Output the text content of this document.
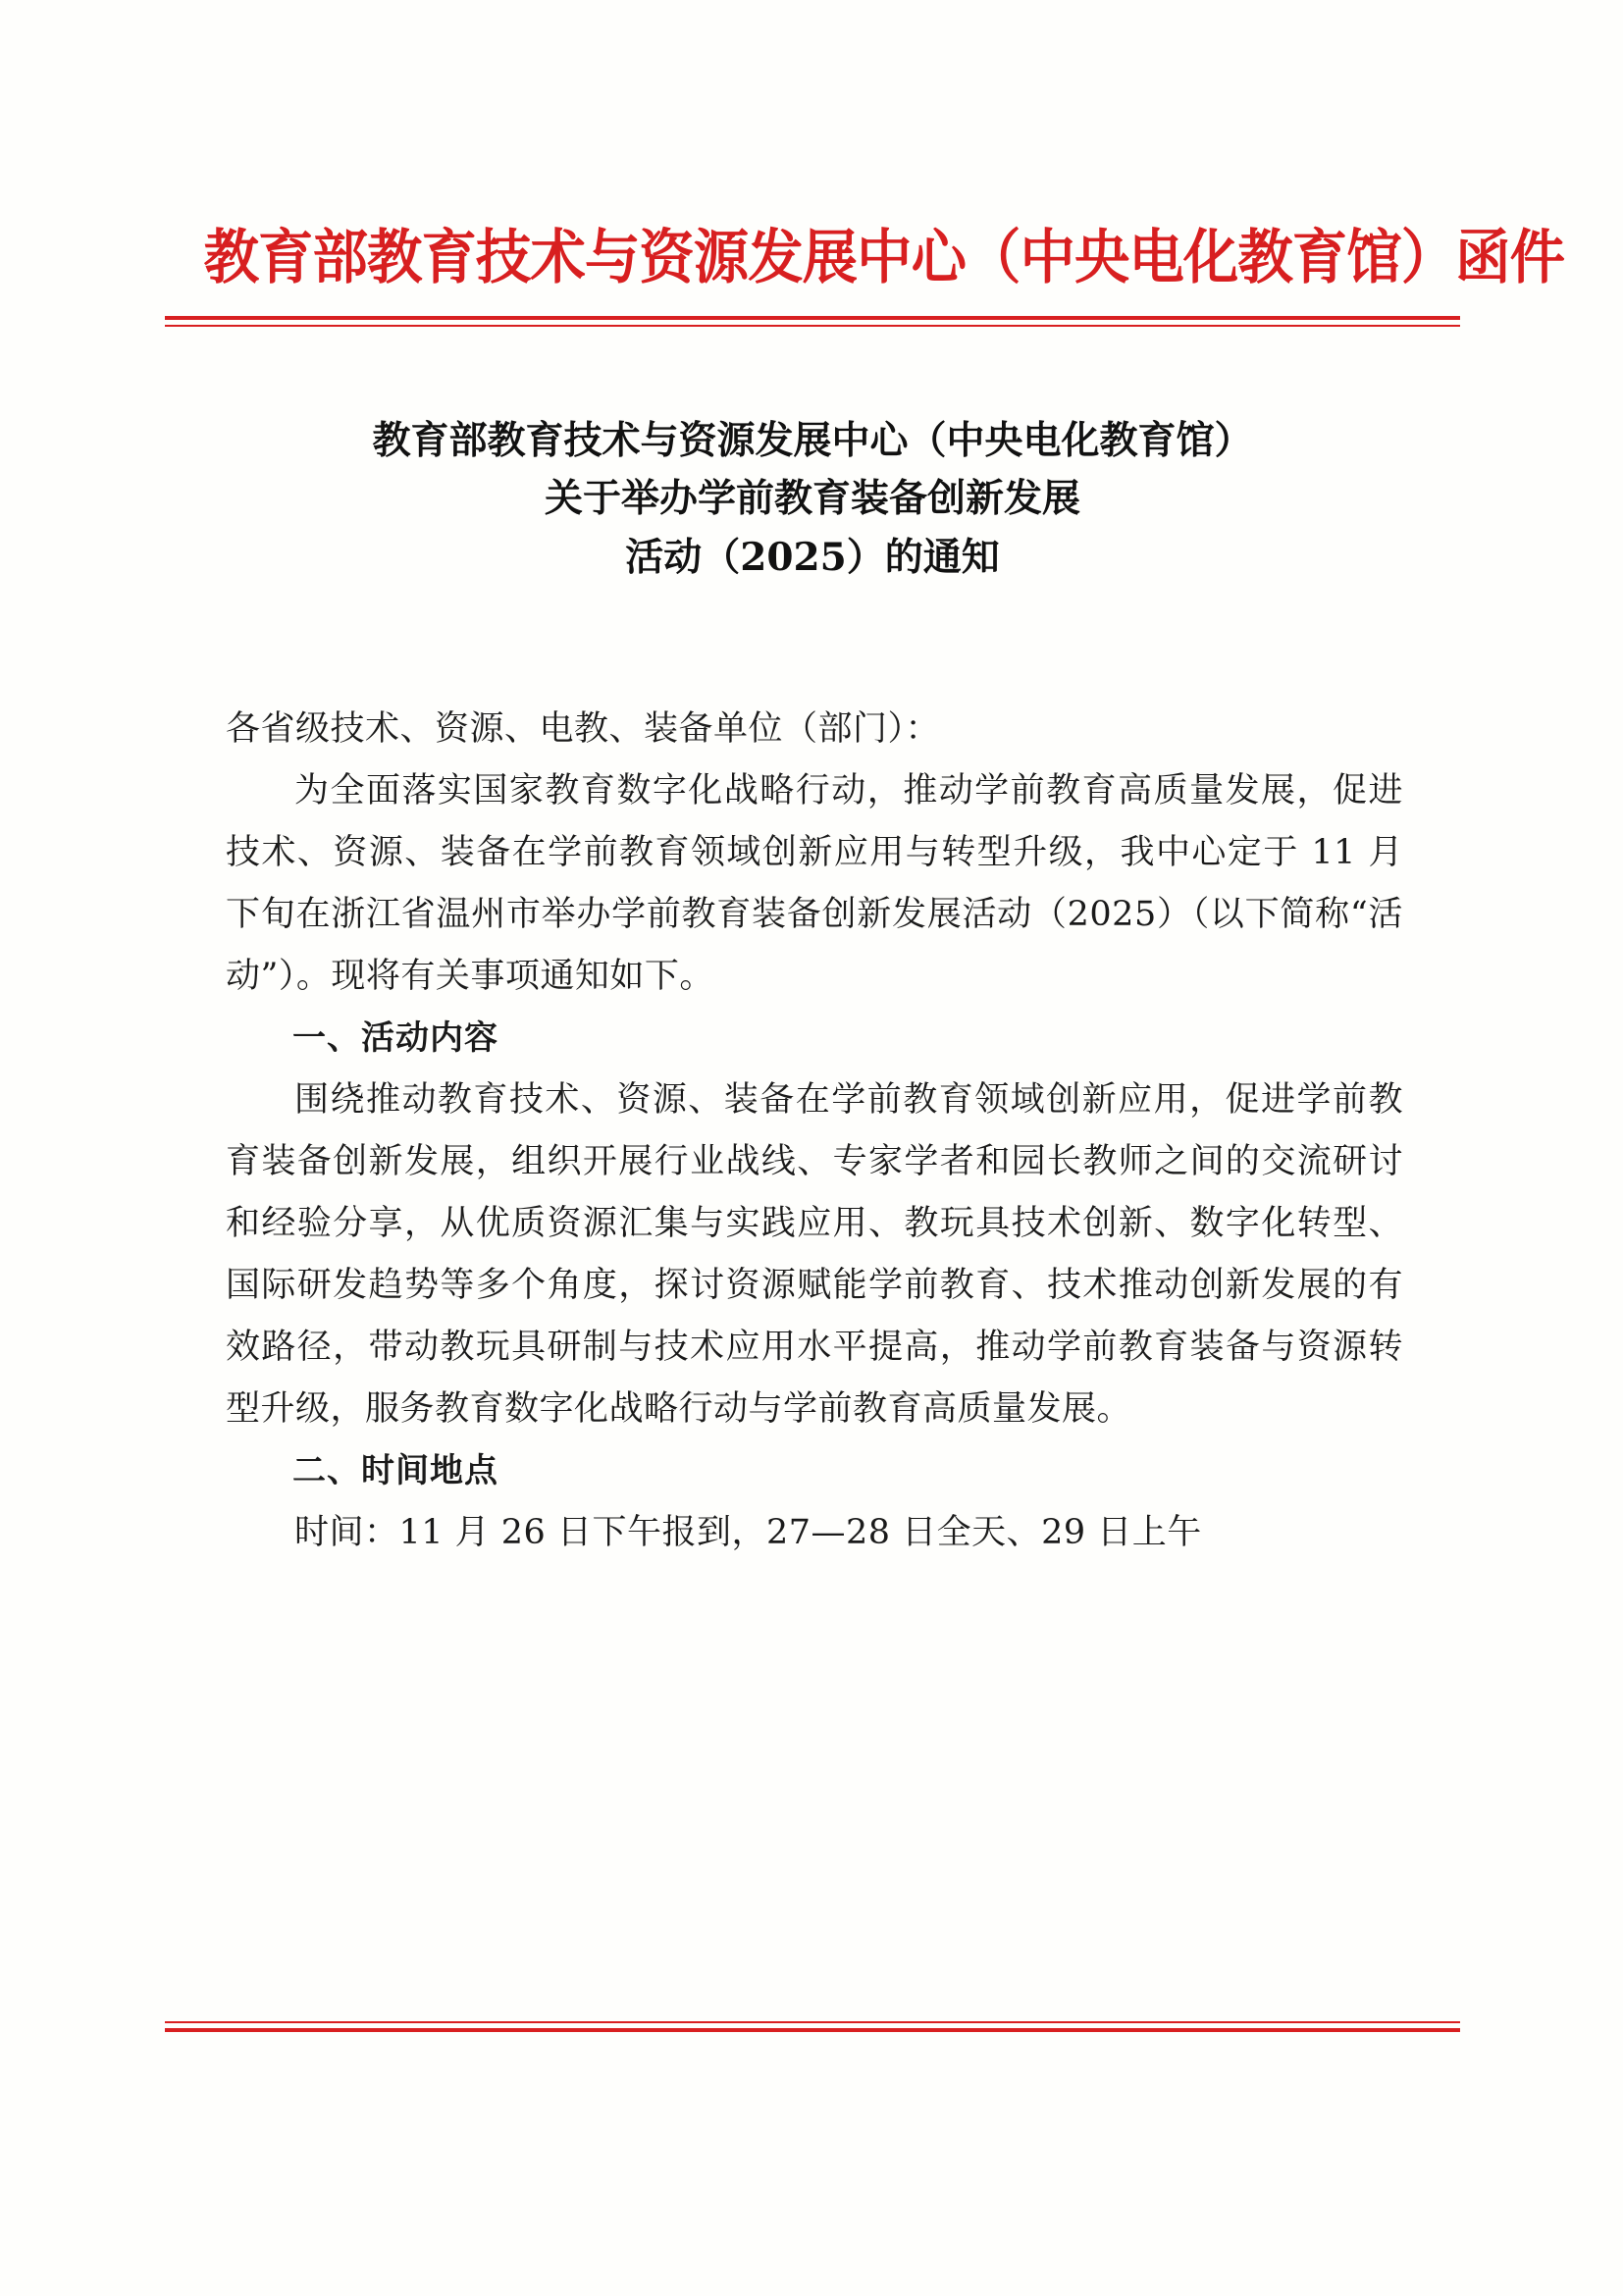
教育部教育技术与资源发展中心（中央电化教育馆）函件
教育部教育技术与资源发展中心（中央电化教育馆）
关于举办学前教育装备创新发展
活动（2025）的通知

各省级技术、资源、电教、装备单位（部门）：

为全面落实国家教育数字化战略行动，推动学前教育高质量发展，促进技术、资源、装备在学前教育领域创新应用与转型升级，我中心定于 11 月下旬在浙江省温州市举办学前教育装备创新发展活动（2025）（以下简称“活动”）。现将有关事项通知如下。

一、活动内容

围绕推动教育技术、资源、装备在学前教育领域创新应用，促进学前教育装备创新发展，组织开展行业战线、专家学者和园长教师之间的交流研讨和经验分享，从优质资源汇集与实践应用、教玩具技术创新、数字化转型、国际研发趋势等多个角度，探讨资源赋能学前教育、技术推动创新发展的有效路径，带动教玩具研制与技术应用水平提高，推动学前教育装备与资源转型升级，服务教育数字化战略行动与学前教育高质量发展。

二、时间地点

时间：11 月 26 日下午报到，27—28 日全天、29 日上午
